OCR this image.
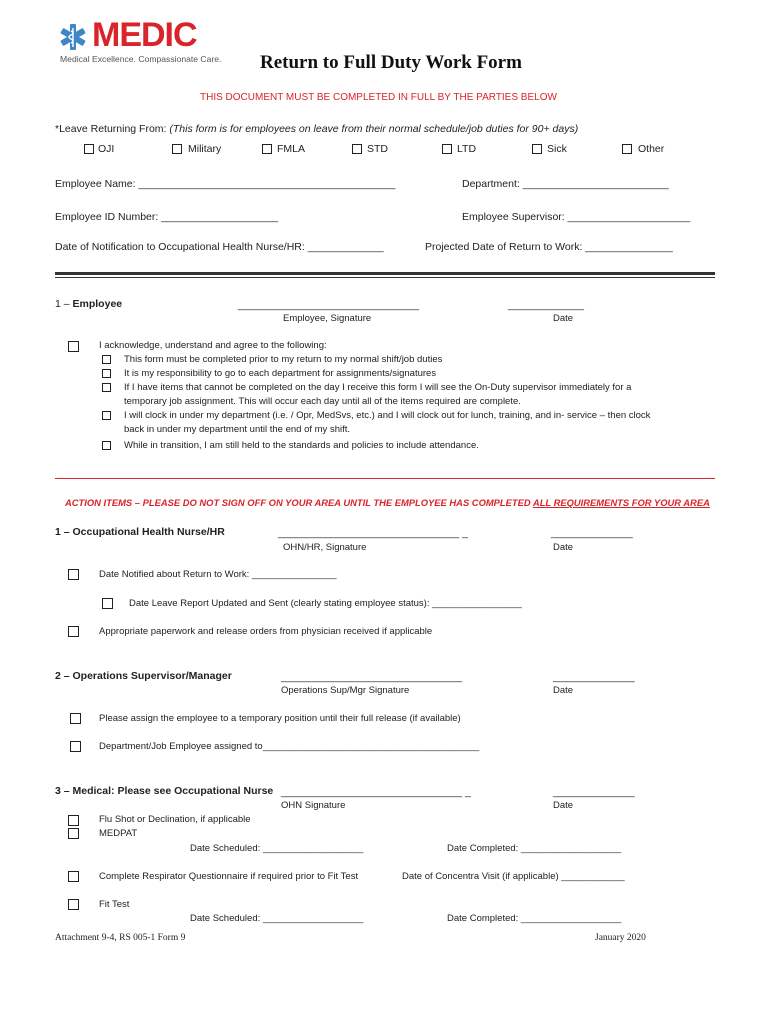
MEDIC
Medical Excellence. Compassionate Care. Return to Full Duty Work Form
THIS DOCUMENT MUST BE COMPLETED IN FULL BY THE PARTIES BELOW
*Leave Returning From: (This form is for employees on leave from their normal schedule/job duties for 90+ days)
OJI	Military	FMLA	STD	LTD	Sick	Other
Employee Name: ____________________________________________	Department: _________________________
Employee ID Number: ____________________	Employee Supervisor: _____________________
Date of Notification to Occupational Health Nurse/HR: _____________	Projected Date of Return to Work: _______________
1 – Employee	_______________________________	_____________
Employee, Signature	Date
I acknowledge, understand and agree to the following:
This form must be completed prior to my return to my normal shift/job duties
It is my responsibility to go to each department for assignments/signatures
If I have items that cannot be completed on the day I receive this form I will see the On-Duty supervisor immediately for a
temporary job assignment. This will occur each day until all of the items required are complete.
I will clock in under my department (i.e. / Opr, MedSvs, etc.) and I will clock out for lunch, training, and in- service – then clock
back in under my department until the end of my shift.
While in transition, I am still held to the standards and policies to include attendance.
ACTION ITEMS – PLEASE DO NOT SIGN OFF ON YOUR AREA UNTIL THE EMPLOYEE HAS COMPLETED ALL REQUIREMENTS FOR YOUR AREA
1 – Occupational Health Nurse/HR	_______________________________ _	______________
OHN/HR, Signature	Date
Date Notified about Return to Work: ________________
Date Leave Report Updated and Sent (clearly stating employee status): _________________
Appropriate paperwork and release orders from physician received if applicable
2 – Operations Supervisor/Manager	_______________________________	______________
Operations Sup/Mgr Signature	Date
Please assign the employee to a temporary position until their full release (if available)
Department/Job Employee assigned to_________________________________________
3 – Medical: Please see Occupational Nurse _______________________________ _	______________
OHN Signature	Date
Flu Shot or Declination, if applicable
MEDPAT
Date Scheduled: ___________________	Date Completed: ___________________
Complete Respirator Questionnaire if required prior to Fit Test	Date of Concentra Visit (if applicable) ____________
Fit Test
Date Scheduled: ___________________	Date Completed: ___________________
Attachment 9-4, RS 005-1 Form 9	January 2020
